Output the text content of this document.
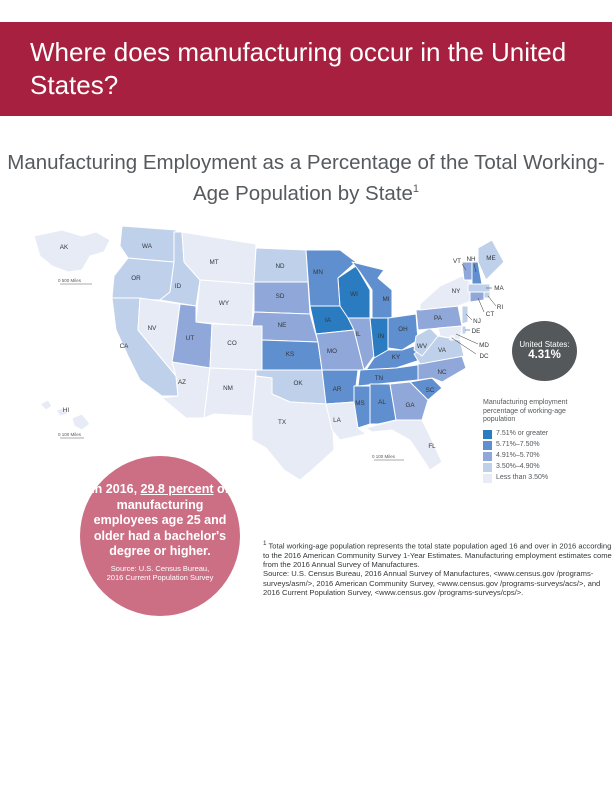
Where does manufacturing occur in the United States?
Manufacturing Employment as a Percentage of the Total Working-Age Population by State$^1$
AK
HI
WA
OR
CA
ID
NV
MT
WY
UT
CO
AZ
NM
ND
SD
NE
KS
OK
TX
MN
IA
MO
AR
LA
WI
IL
MI
IN
OH
KY
TN
MS AL	GA
FL
SC
NC
VA
WV
PA
NY
VT NH ME
MA
RI
CT
NJ
DE
MD
DC
0 500 Miles
0 100 Miles
0 100 Miles
United States:
4.31%
Manufacturing employment percentage of working-age population
7.51% or greater
5.71%–7.50%
4.91%–5.70%
3.50%–4.90%
Less than 3.50%
In 2016, 29.8 percent of manufacturing employees age 25 and older had a bachelor's degree or higher.
Source: U.S. Census Bureau, 2016 Current Population Survey

$^1$ Total working-age population represents the total state population aged 16 and over in 2016 according to the 2016 American Community Survey 1-Year Estimates. Manufacturing employment estimates come from the 2016 Annual Survey of Manufactures.

Source: U.S. Census Bureau, 2016 Annual Survey of Manufactures, <www.census.gov /programs-surveys/asm/>, 2016 American Community Survey, <www.census.gov /programs-surveys/acs/>, and 2016 Current Population Survey, <www.census.gov /programs-surveys/cps/>.
